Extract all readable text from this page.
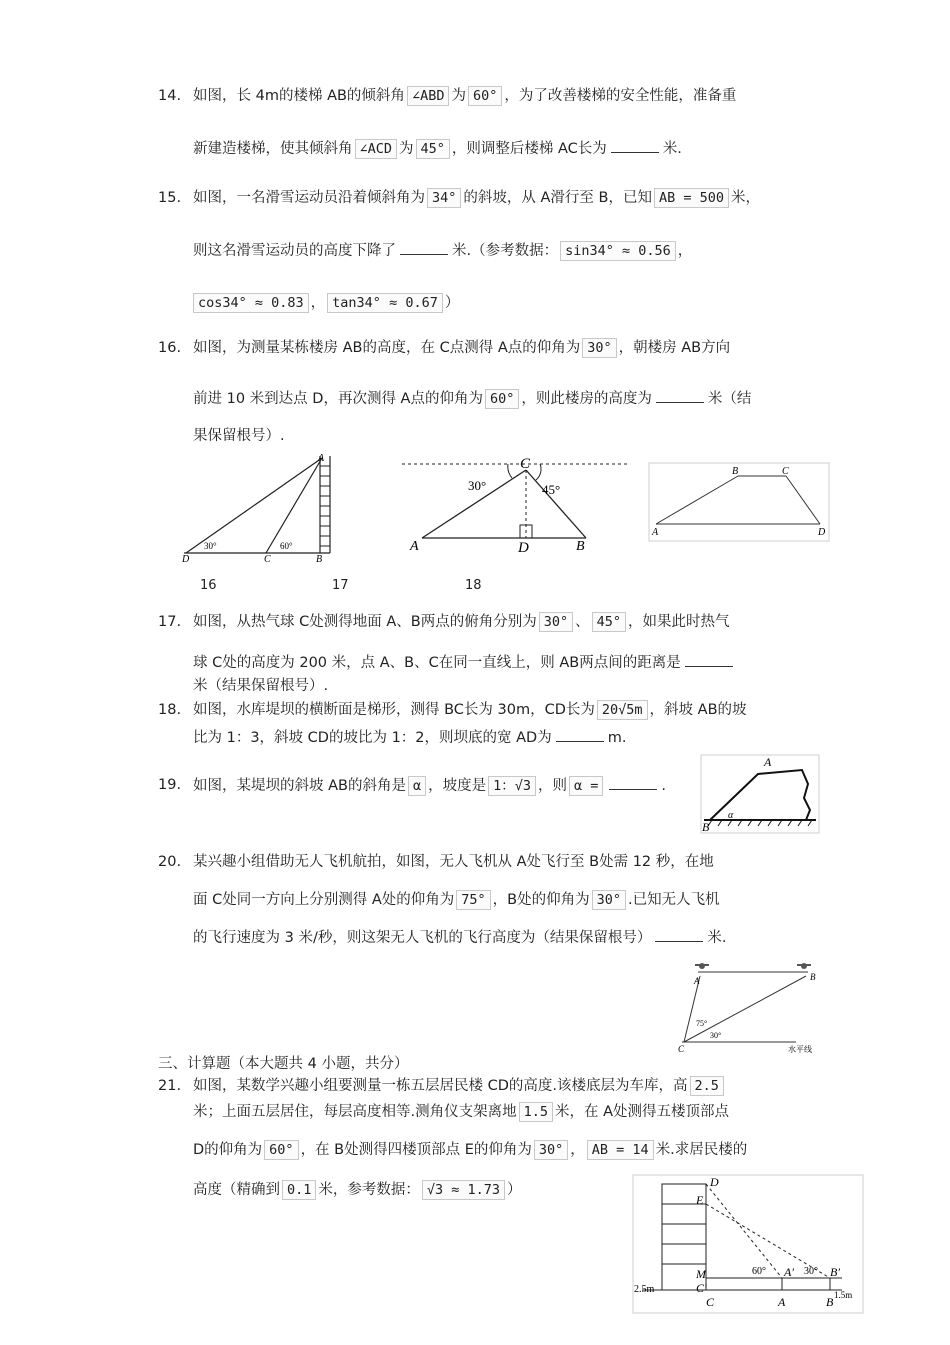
14. 如图，长 4m的楼梯 AB的倾斜角 ∠ABD 为 60° ，为了改善楼梯的安全性能，准备重
新建造楼梯，使其倾斜角 ∠ACD 为 45° ，则调整后楼梯 AC长为	米.
15. 如图，一名滑雪运动员沿着倾斜角为 34° 的斜坡，从 A滑行至 B，已知 AB = 500 米，
则这名滑雪运动员的高度下降了	米.（参考数据： sin34° ≈ 0.56 ，
cos34° ≈ 0.83 ， tan34° ≈ 0.67 ）
16. 如图，为测量某栋楼房 AB的高度，在 C点测得 A点的仰角为 30° ，朝楼房 AB方向
前进 10 米到达点 D，再次测得 A点的仰角为 60° ，则此楼房的高度为	米（结
果保留根号）.
A
D	C	B
30°	60°
C
30°	45°
A	D	B
B	C
A	D
16	17	18
17. 如图，从热气球 C处测得地面 A、B两点的俯角分别为 30° 、 45° ，如果此时热气
球 C处的高度为 200 米，点 A、B、C在同一直线上，则 AB两点间的距离是
米（结果保留根号）.
18. 如图，水库堤坝的横断面是梯形，测得 BC长为 30m，CD长为 20√5m ，斜坡 AB的坡
比为 1：3，斜坡 CD的坡比为 1：2，则坝底的宽 AD为	m.
19. 如图，某堤坝的斜坡 AB的斜角是 α ，坡度是 1：√3 ，则 α =	.
A
B
α
20. 某兴趣小组借助无人飞机航拍，如图，无人飞机从 A处飞行至 B处需 12 秒，在地
面 C处同一方向上分别测得 A处的仰角为 75° ，B处的仰角为 30° .已知无人飞机
的飞行速度为 3 米/秒，则这架无人飞机的飞行高度为（结果保留根号）	米.
A	B
C
75°
30°
水平线
三、计算题（本大题共 4 小题，共分）
21. 如图，某数学兴趣小组要测量一栋五层居民楼 CD的高度.该楼底层为车库，高 2.5
米；上面五层居住，每层高度相等.测角仪支架离地 1.5 米，在 A处测得五楼顶部点
D的仰角为 60° ，在 B处测得四楼顶部点 E的仰角为 30° ， AB = 14 米.求居民楼的
高度（精确到 0.1 米，参考数据： √3 ≈ 1.73 ）	D
E
M
C′
A′	B′
C	A	B
2.5m	1.5m
60°	30°
